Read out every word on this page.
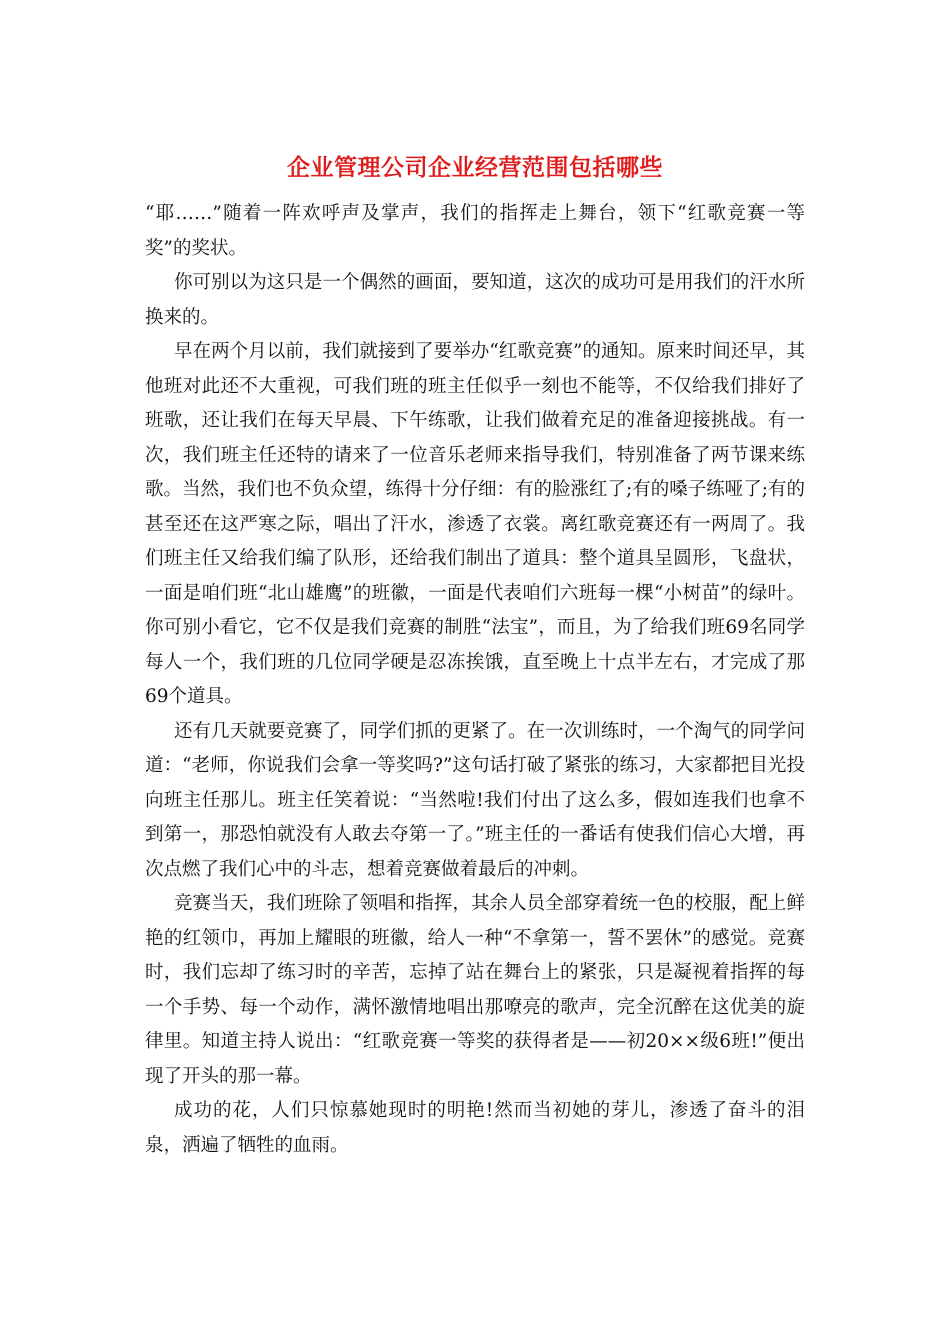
企业管理公司企业经营范围包括哪些

“耶……”随着一阵欢呼声及掌声，我们的指挥走上舞台，领下“红歌竞赛一等奖”的奖状。

你可别以为这只是一个偶然的画面，要知道，这次的成功可是用我们的汗水所换来的。

早在两个月以前，我们就接到了要举办“红歌竞赛”的通知。原来时间还早，其他班对此还不大重视，可我们班的班主任似乎一刻也不能等，不仅给我们排好了班歌，还让我们在每天早晨、下午练歌，让我们做着充足的准备迎接挑战。有一次，我们班主任还特的请来了一位音乐老师来指导我们，特别准备了两节课来练歌。当然，我们也不负众望，练得十分仔细：有的脸涨红了;有的嗓子练哑了;有的甚至还在这严寒之际，唱出了汗水，渗透了衣裳。离红歌竞赛还有一两周了。我们班主任又给我们编了队形，还给我们制出了道具：整个道具呈圆形，飞盘状，一面是咱们班“北山雄鹰”的班徽，一面是代表咱们六班每一棵“小树苗”的绿叶。你可别小看它，它不仅是我们竞赛的制胜“法宝”，而且，为了给我们班69名同学每人一个，我们班的几位同学硬是忍冻挨饿，直至晚上十点半左右，才完成了那69个道具。

还有几天就要竞赛了，同学们抓的更紧了。在一次训练时，一个淘气的同学问道：“老师，你说我们会拿一等奖吗?”这句话打破了紧张的练习，大家都把目光投向班主任那儿。班主任笑着说：“当然啦!我们付出了这么多，假如连我们也拿不到第一，那恐怕就没有人敢去夺第一了。”班主任的一番话有使我们信心大增，再次点燃了我们心中的斗志，想着竞赛做着最后的冲刺。

竞赛当天，我们班除了领唱和指挥，其余人员全部穿着统一色的校服，配上鲜艳的红领巾，再加上耀眼的班徽，给人一种“不拿第一，誓不罢休”的感觉。竞赛时，我们忘却了练习时的辛苦，忘掉了站在舞台上的紧张，只是凝视着指挥的每一个手势、每一个动作，满怀激情地唱出那嘹亮的歌声，完全沉醉在这优美的旋律里。知道主持人说出：“红歌竞赛一等奖的获得者是——初20××级6班!”便出现了开头的那一幕。

成功的花，人们只惊慕她现时的明艳!然而当初她的芽儿，渗透了奋斗的泪泉，洒遍了牺牲的血雨。
